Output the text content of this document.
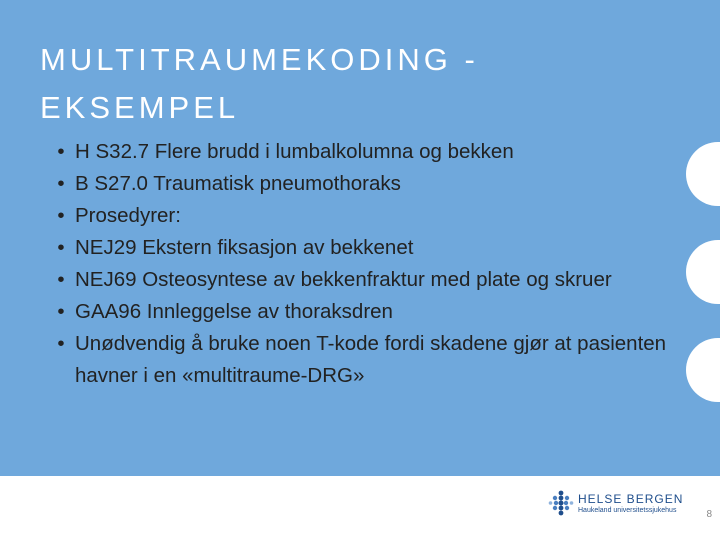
MULTITRAUMEKODING -
EKSEMPEL
• H S32.7 Flere brudd i lumbalkolumna og bekken
• B S27.0 Traumatisk pneumothoraks
• Prosedyrer:
• NEJ29 Ekstern fiksasjon av bekkenet
• NEJ69 Osteosyntese av bekkenfraktur med plate og skruer
• GAA96 Innleggelse av thoraksdren
• Unødvendig å bruke noen T-kode fordi skadene gjør at pasienten havner i en «multitraume-DRG»
HELSE BERGEN
Haukeland universitetssjukehus	8
